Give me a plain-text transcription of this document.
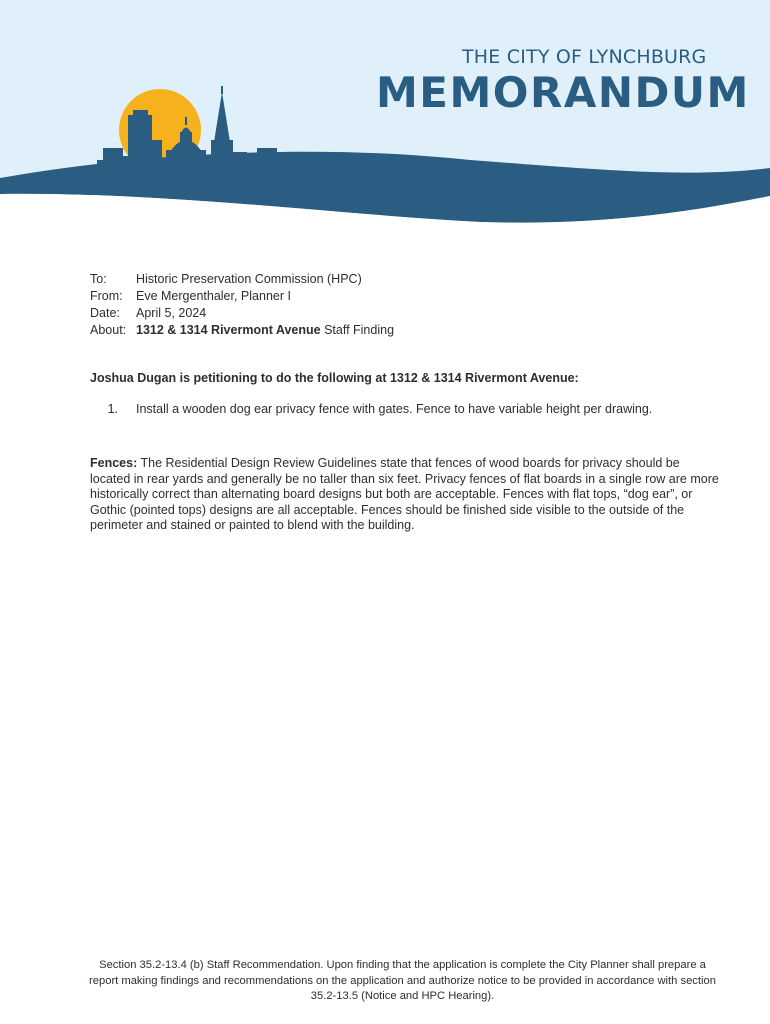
THE CITY OF LYNCHBURG
MEMORANDUM
To:	Historic Preservation Commission (HPC)
From:	Eve Mergenthaler, Planner I
Date:	April 5, 2024
About: 1312 & 1314 Rivermont Avenue Staff Finding
Joshua Dugan is petitioning to do the following at 1312 & 1314 Rivermont Avenue:
1.	Install a wooden dog ear privacy fence with gates. Fence to have variable height per drawing.
Fences: The Residential Design Review Guidelines state that fences of wood boards for privacy should be located in rear yards and generally be no taller than six feet. Privacy fences of flat boards in a single row are more historically correct than alternating board designs but both are acceptable. Fences with flat tops, “dog ear”, or Gothic (pointed tops) designs are all acceptable. Fences should be finished side visible to the outside of the perimeter and stained or painted to blend with the building.
Section 35.2-13.4 (b) Staff Recommendation. Upon finding that the application is complete the City Planner shall prepare a report making findings and recommendations on the application and authorize notice to be provided in accordance with section 35.2-13.5 (Notice and HPC Hearing).
